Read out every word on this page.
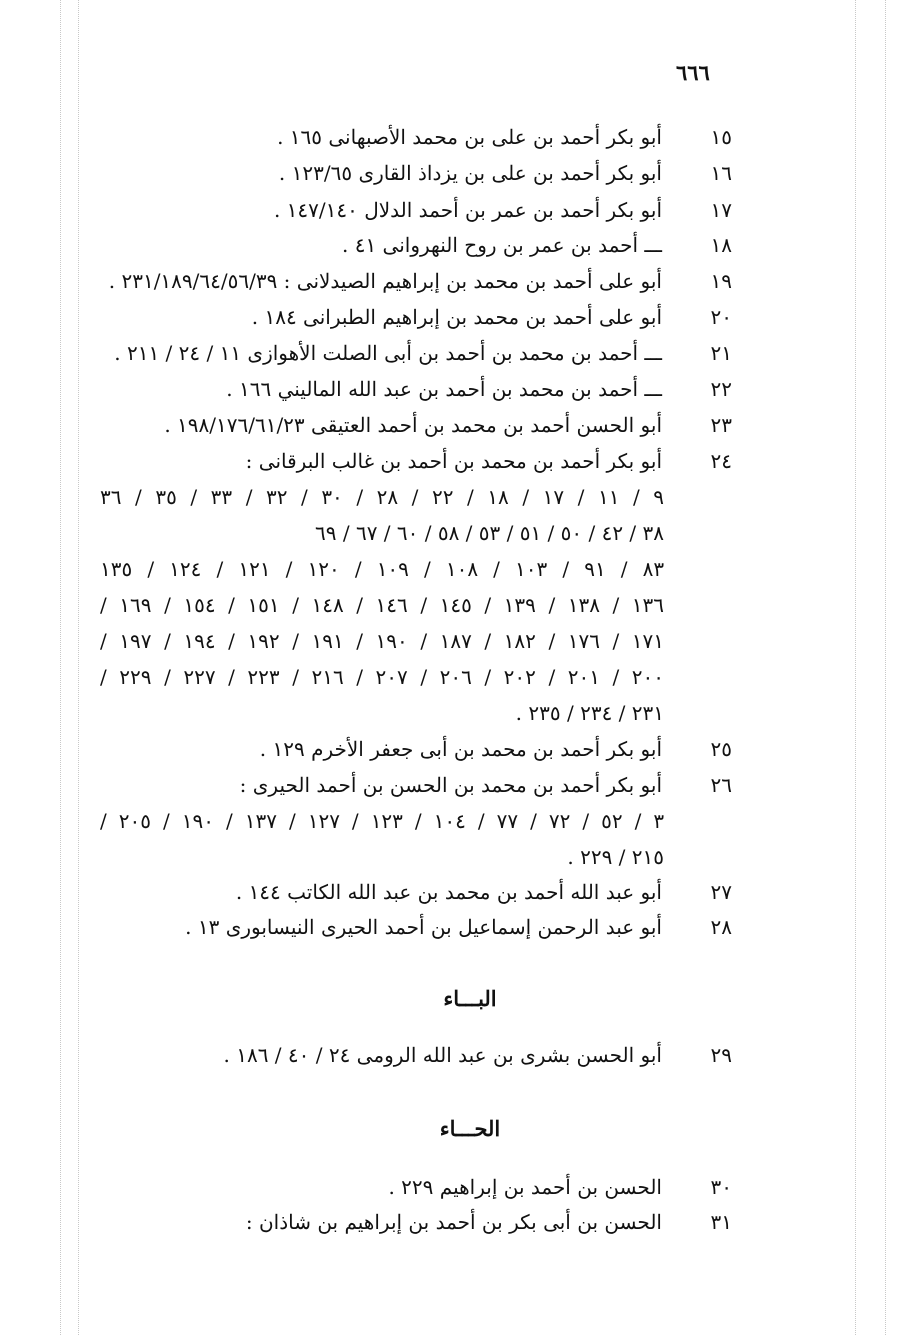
٦٦٦
١٥
أبو بكر أحمد بن على بن محمد الأصبهانى ١٦٥ .
١٦
أبو بكر أحمد بن على بن يزداذ القارى ١٢٣/٦٥ .
١٧
أبو بكر أحمد بن عمر بن أحمد الدلال ١٤٧/١٤٠ .
١٨
ـــ أحمد بن عمر بن روح النهروانى ٤١ .
١٩
أبو على أحمد بن محمد بن إبراهيم الصيدلانى : ٢٣١/١٨٩/٦٤/٥٦/٣٩ .
٢٠
أبو على أحمد بن محمد بن إبراهيم الطبرانى ١٨٤ .
٢١
ـــ أحمد بن محمد بن أحمد بن أبى الصلت الأهوازى ١١ / ٢٤ / ٢١١ .
٢٢
ـــ أحمد بن محمد بن أحمد بن عبد الله الماليني ١٦٦ .
٢٣
أبو الحسن أحمد بن محمد بن أحمد العتيقى ١٩٨/١٧٦/٦١/٢٣ .
٢٤
أبو بكر أحمد بن محمد بن أحمد بن غالب البرقانى :
٩ / ١١ / ١٧ / ١٨ / ٢٢ / ٢٨ / ٣٠ / ٣٢ / ٣٣ / ٣٥ / ٣٦
٣٨ / ٤٢ / ٥٠ / ٥١ / ٥٣ / ٥٨ / ٦٠ / ٦٧ / ٦٩
٨٣ / ٩١ / ١٠٣ / ١٠٨ / ١٠٩ / ١٢٠ / ١٢١ / ١٢٤ / ١٣٥
١٣٦ / ١٣٨ / ١٣٩ / ١٤٥ / ١٤٦ / ١٤٨ / ١٥١ / ١٥٤ / ١٦٩ /
١٧١ / ١٧٦ / ١٨٢ / ١٨٧ / ١٩٠ / ١٩١ / ١٩٢ / ١٩٤ / ١٩٧ /
٢٠٠ / ٢٠١ / ٢٠٢ / ٢٠٦ / ٢٠٧ / ٢١٦ / ٢٢٣ / ٢٢٧ / ٢٢٩ /
٢٣١ / ٢٣٤ / ٢٣٥ .
٢٥
أبو بكر أحمد بن محمد بن أبى جعفر الأخرم ١٢٩ .
٢٦
أبو بكر أحمد بن محمد بن الحسن بن أحمد الحيرى :
٣ / ٥٢ / ٧٢ / ٧٧ / ١٠٤ / ١٢٣ / ١٢٧ / ١٣٧ / ١٩٠ / ٢٠٥ /
٢١٥ / ٢٢٩ .
٢٧
أبو عبد الله أحمد بن محمد بن عبد الله الكاتب ١٤٤ .
٢٨
أبو عبد الرحمن إسماعيل بن أحمد الحيرى النيسابورى ١٣ .
البـــاء
٢٩
أبو الحسن بشرى بن عبد الله الرومى ٢٤ / ٤٠ / ١٨٦ .
الحـــاء
٣٠
الحسن بن أحمد بن إبراهيم ٢٢٩ .
٣١
الحسن بن أبى بكر بن أحمد بن إبراهيم بن شاذان :
